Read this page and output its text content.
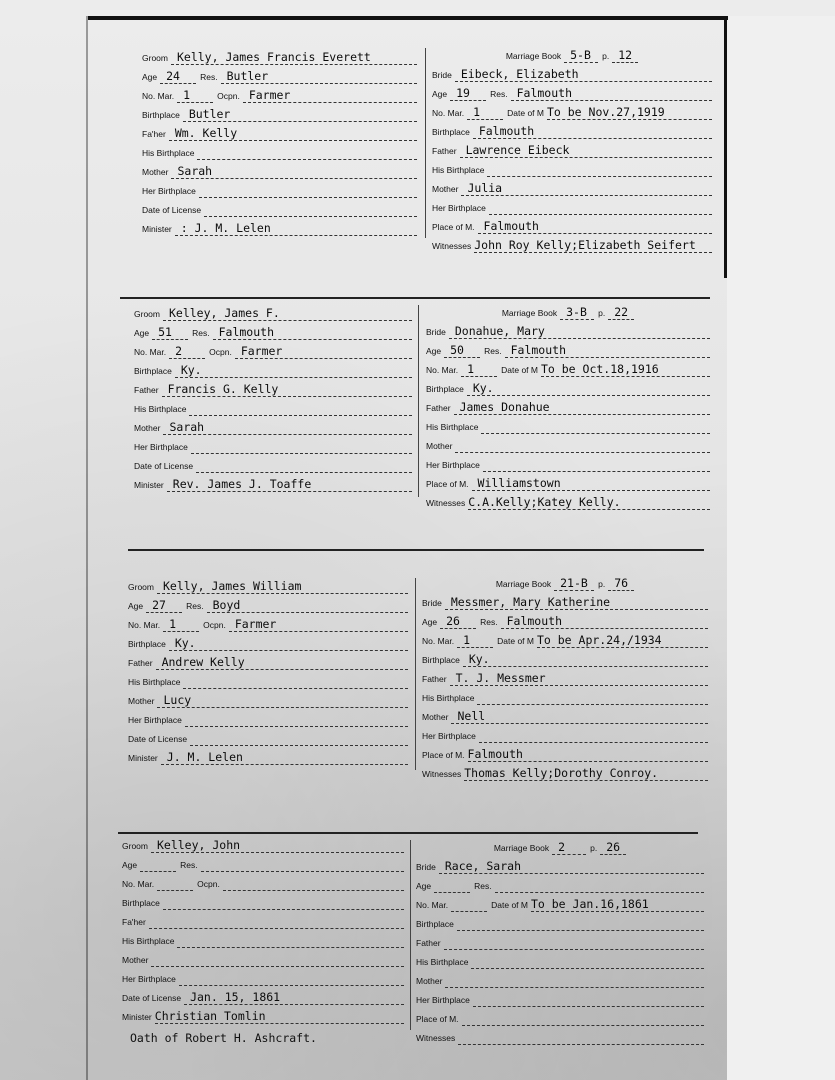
Groom Kelly, James Francis Everett
Age 24 Res. Butler
No. Mar. 1	Ocpn. Farmer
Birthplace Butler
Fa'her Wm. Kelly
His Birthplace
Mother Sarah
Her Birthplace
Date of License
Minister : J. M. Lelen
Marriage Book 5-B p. 12
Bride Eibeck, Elizabeth
Age 19 Res. Falmouth
No. Mar. 1	Date of M To be Nov.27,1919
Birthplace Falmouth
Father Lawrence Eibeck
His Birthplace
Mother Julia
Her Birthplace
Place of M. Falmouth
Witnesses John Roy Kelly;Elizabeth Seifert
Groom Kelley, James F.
Age 51 Res. Falmouth
No. Mar. 2	Ocpn. Farmer
Birthplace Ky.
Father Francis G. Kelly
His Birthplace
Mother Sarah
Her Birthplace
Date of License
Minister Rev. James J. Toaffe
Marriage Book 3-B p. 22
Bride Donahue, Mary
Age 50 Res. Falmouth
No. Mar. 1	Date of M To be Oct.18,1916
Birthplace Ky.
Father James Donahue
His Birthplace
Mother
Her Birthplace
Place of M. Williamstown
Witnesses C.A.Kelly;Katey Kelly.
Groom Kelly, James William
Age 27 Res. Boyd
No. Mar. 1	Ocpn. Farmer
Birthplace Ky.
Father Andrew Kelly
His Birthplace
Mother Lucy
Her Birthplace
Date of License
Minister J. M. Lelen
Marriage Book 21-B p. 76
Bride Messmer, Mary Katherine
Age 26 Res. Falmouth
No. Mar. 1	Date of M To be Apr.24,/1934
Birthplace Ky.
Father T. J. Messmer
His Birthplace
Mother Nell
Her Birthplace
Place of M. Falmouth
Witnesses Thomas Kelly;Dorothy Conroy.
Groom Kelley, John
Age	Res.
No. Mar.	Ocpn.
Birthplace
Fa'her
His Birthplace
Mother
Her Birthplace
Date of License Jan. 15, 1861
Minister Christian Tomlin
Oath of Robert H. Ashcraft.
Marriage Book 2	p. 26
Bride Race, Sarah
Age	Res.
No. Mar.	Date of M To be Jan.16,1861
Birthplace
Father
His Birthplace
Mother
Her Birthplace
Place of M.
Witnesses
